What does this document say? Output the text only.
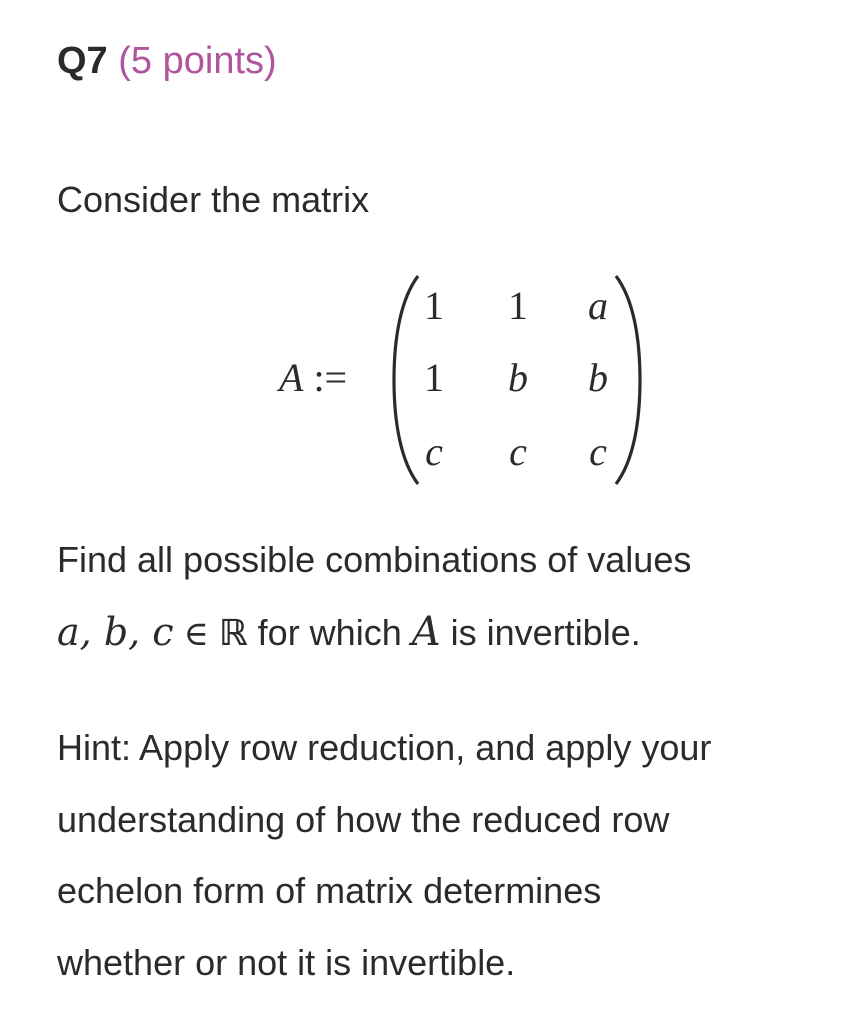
Q7 (5 points)
Consider the matrix
A :=
1	1	a
1	b	b
c	c	c
Find all possible combinations of values
a, b, c ∈ ℝ for which A is invertible.
Hint: Apply row reduction, and apply your
understanding of how the reduced row
echelon form of matrix determines
whether or not it is invertible.
